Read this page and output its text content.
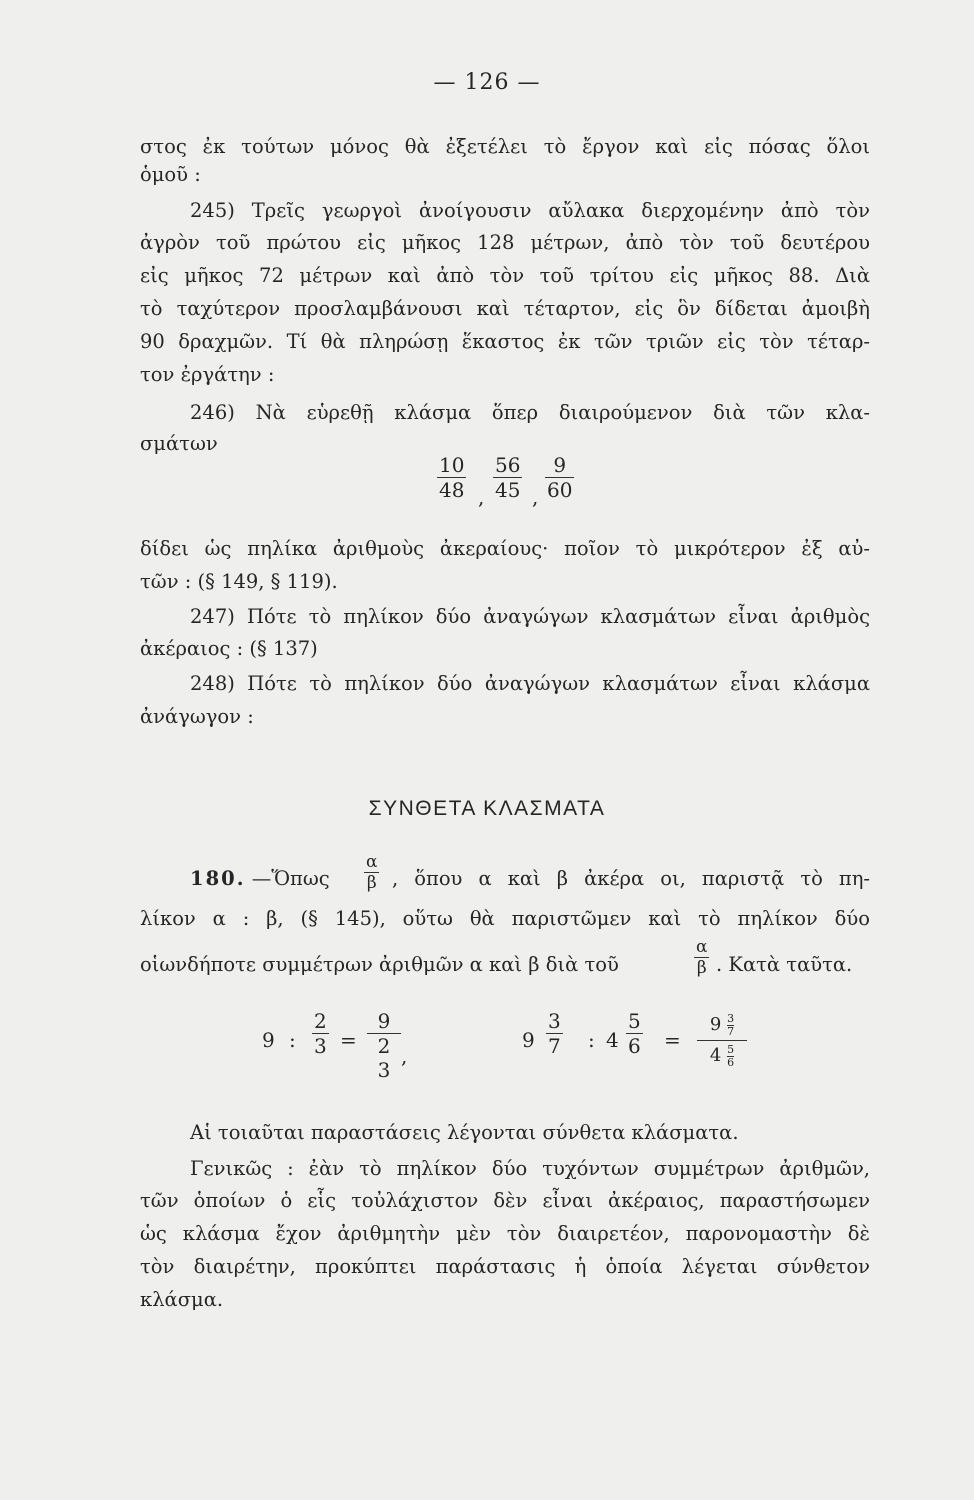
— 126 —
στος ἐκ τούτων μόνος θὰ ἐξετέλει τὸ ἔργον καὶ εἰς πόσας ὅλοι
ὁμοῦ :
245) Τρεῖς γεωργοὶ ἀνοίγουσιν αὔλακα διερχομένην ἀπὸ τὸν
ἀγρὸν τοῦ πρώτου εἰς μῆκος 128 μέτρων, ἀπὸ τὸν τοῦ δευτέρου
εἰς μῆκος 72 μέτρων καὶ ἀπὸ τὸν τοῦ τρίτου εἰς μῆκος 88. Διὰ
τὸ ταχύτερον προσλαμβάνουσι καὶ τέταρτον, εἰς ὃν δίδεται ἀμοιβὴ
90 δραχμῶν. Τί θὰ πληρώσῃ ἕκαστος ἐκ τῶν τριῶν εἰς τὸν τέταρ-
τον ἐργάτην :
246) Νὰ εὑρεθῇ κλάσμα ὅπερ διαιρούμενον διὰ τῶν κλα-
σμάτων
$\frac{10}{48}$ , $\frac{56}{45}$ , $\frac{9}{60}$
δίδει ὡς πηλίκα ἀριθμοὺς ἀκεραίους· ποῖον τὸ μικρότερον ἐξ αὐ-
τῶν : (§ 149, § 119).
247) Πότε τὸ πηλίκον δύο ἀναγώγων κλασμάτων εἶναι ἀριθμὸς
ἀκέραιος : (§ 137)
248) Πότε τὸ πηλίκον δύο ἀναγώγων κλασμάτων εἶναι κλάσμα
ἀνάγωγον :
ΣΥΝΘΕΤΑ ΚΛΑΣΜΑΤΑ
180. —Ὅπως	$\frac{\alpha}{\beta}$ , ὅπου α καὶ β ἀκέρα οι, παριστᾷ τὸ πη-
λίκον α : β, (§ 145), οὕτω θὰ παριστῶμεν καὶ τὸ πηλίκον δύο
οἱωνδήποτε συμμέτρων ἀριθμῶν α καὶ β διὰ τοῦ	$\frac{\alpha}{\beta}$ . Κατὰ ταῦτα.
9 : $\frac{2}{3}$ =
9
2
3
,
$9 \frac{3}{7}$ : $4 \frac{5}{6}$ =
$9 \frac{3}{7}$
$4 \frac{5}{6}$
Αἱ τοιαῦται παραστάσεις λέγονται σύνθετα κλάσματα.
Γενικῶς : ἐὰν τὸ πηλίκον δύο τυχόντων συμμέτρων ἀριθμῶν,
τῶν ὁποίων ὁ εἷς τοὐλάχιστον δὲν εἶναι ἀκέραιος, παραστήσωμεν
ὡς κλάσμα ἔχον ἀριθμητὴν μὲν τὸν διαιρετέον, παρονομαστὴν δὲ
τὸν διαιρέτην, προκύπτει παράστασις ἡ ὁποία λέγεται σύνθετον
κλάσμα.
